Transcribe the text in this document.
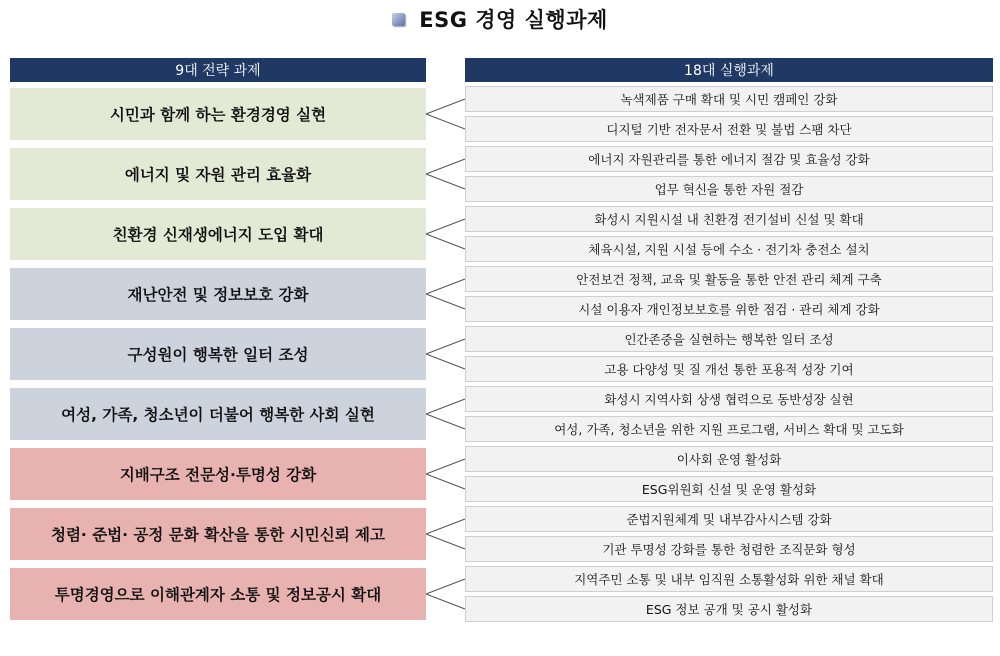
ESG 경영 실행과제
9대 전략 과제	18대 실행과제
시민과 함께 하는 환경경영 실현
에너지 및 자원 관리 효율화
친환경 신재생에너지 도입 확대
재난안전 및 정보보호 강화
구성원이 행복한 일터 조성
여성, 가족, 청소년이 더불어 행복한 사회 실현
지배구조 전문성·투명성 강화
청렴· 준법· 공정 문화 확산을 통한 시민신뢰 제고
투명경영으로 이해관계자 소통 및 정보공시 확대
녹색제품 구매 확대 및 시민 캠페인 강화
디지털 기반 전자문서 전환 및 불법 스팸 차단
에너지 자원관리를 통한 에너지 절감 및 효율성 강화
업무 혁신을 통한 자원 절감
화성시 지원시설 내 친환경 전기설비 신설 및 확대
체육시설, 지원 시설 등에 수소 · 전기차 충전소 설치
안전보건 정책, 교육 및 활동을 통한 안전 관리 체계 구축
시설 이용자 개인정보보호를 위한 점검 · 관리 체계 강화
인간존중을 실현하는 행복한 일터 조성
고용 다양성 및 질 개선 통한 포용적 성장 기여
화성시 지역사회 상생 협력으로 동반성장 실현
여성, 가족, 청소년을 위한 지원 프로그램, 서비스 확대 및 고도화
이사회 운영 활성화
ESG위원회 신설 및 운영 활성화
준법지원체계 및 내부감사시스템 강화
기관 투명성 강화를 통한 청렴한 조직문화 형성
지역주민 소통 및 내부 임직원 소통활성화 위한 채널 확대
ESG 정보 공개 및 공시 활성화
